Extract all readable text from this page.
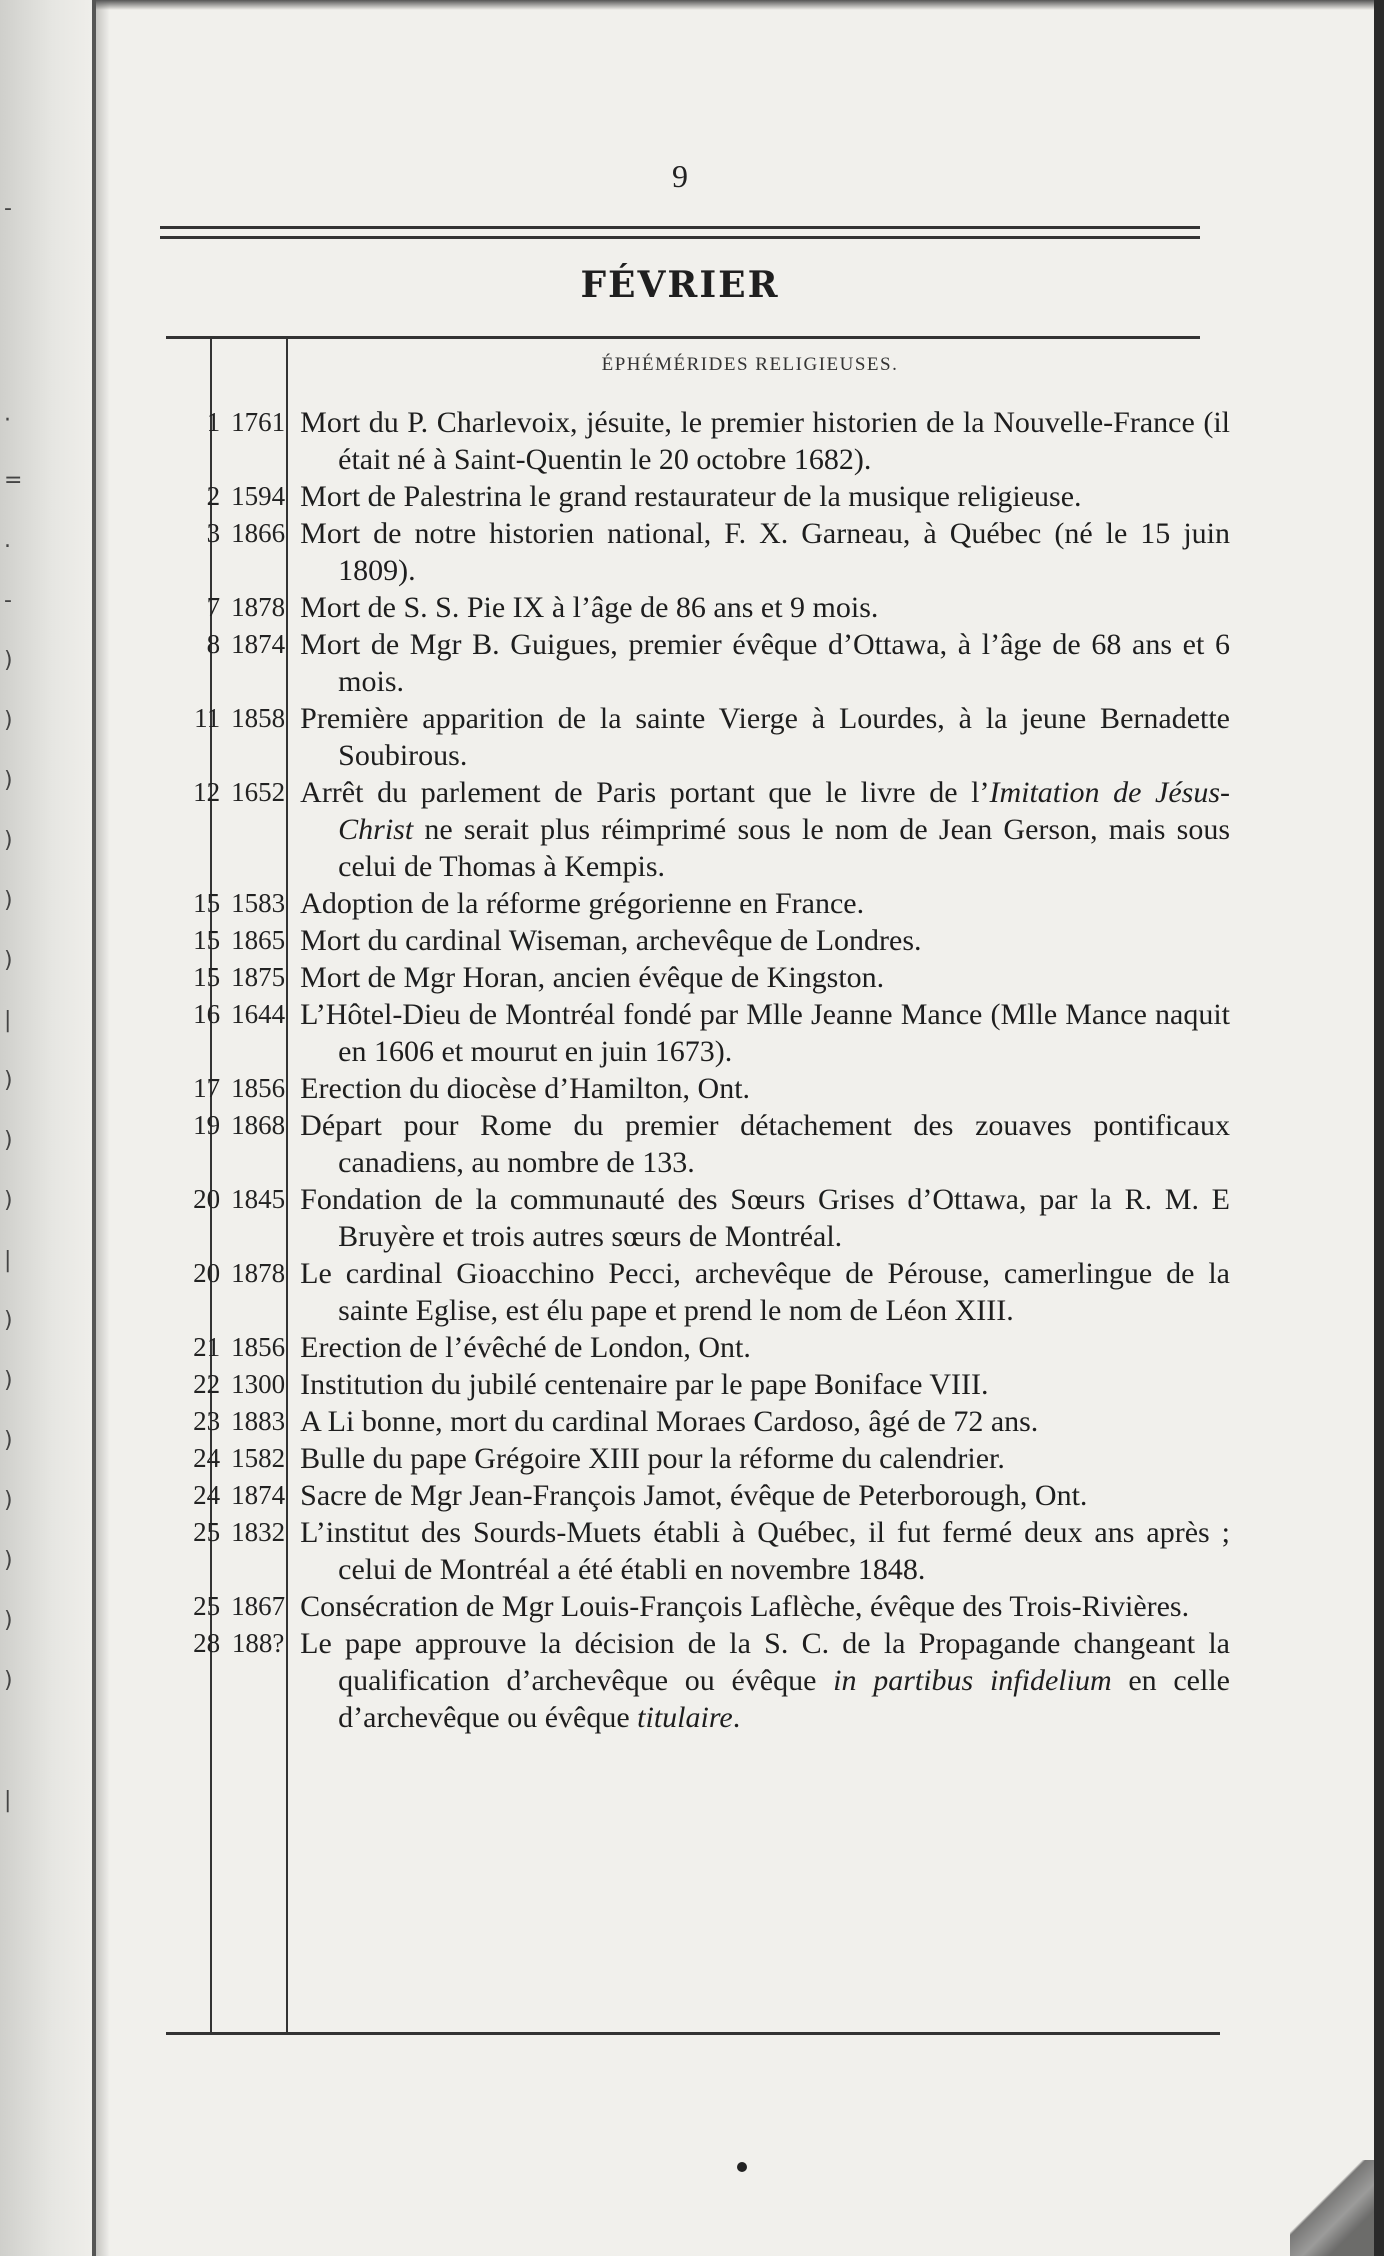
-
·
=
.
-
)
)
)
)
)
)
|
)
)
)
|
)
)
)
)
)
)
)
|
9
FÉVRIER
ÉPHÉMÉRIDES RELIGIEUSES.
1 1761 Mort du P. Charlevoix, jésuite, le premier historien de la Nouvelle-France (il était né à Saint-Quentin le 20 octobre 1682).
2 1594 Mort de Palestrina le grand restaurateur de la musique religieuse.
3 1866 Mort de notre historien national, F. X. Garneau, à Québec (né le 15 juin 1809).
7 1878 Mort de S. S. Pie IX à l’âge de 86 ans et 9 mois.
8 1874 Mort de Mgr B. Guigues, premier évêque d’Ottawa, à l’âge de 68 ans et 6 mois.
11 1858 Première apparition de la sainte Vierge à Lourdes, à la jeune Bernadette Soubirous.
12 1652 Arrêt du parlement de Paris portant que le livre de l’Imitation de Jésus-Christ ne serait plus réimprimé sous le nom de Jean Gerson, mais sous celui de Thomas à Kempis.
15 1583 Adoption de la réforme grégorienne en France.
15 1865 Mort du cardinal Wiseman, archevêque de Londres.
15 1875 Mort de Mgr Horan, ancien évêque de Kingston.
16 1644 L’Hôtel-Dieu de Montréal fondé par Mlle Jeanne Mance (Mlle Mance naquit en 1606 et mourut en juin 1673).
17 1856 Erection du diocèse d’Hamilton, Ont.
19 1868 Départ pour Rome du premier détachement des zouaves pontificaux canadiens, au nombre de 133.
20 1845 Fondation de la communauté des Sœurs Grises d’Ottawa, par la R. M. E Bruyère et trois autres sœurs de Montréal.
20 1878 Le cardinal Gioacchino Pecci, archevêque de Pérouse, camerlingue de la sainte Eglise, est élu pape et prend le nom de Léon XIII.
21 1856 Erection de l’évêché de London, Ont.
22 1300 Institution du jubilé centenaire par le pape Boniface VIII.
23 1883 A Li bonne, mort du cardinal Moraes Cardoso, âgé de 72 ans.
24 1582 Bulle du pape Grégoire XIII pour la réforme du calendrier.
24 1874 Sacre de Mgr Jean-François Jamot, évêque de Peterborough, Ont.
25 1832 L’institut des Sourds-Muets établi à Québec, il fut fermé deux ans après ; celui de Montréal a été établi en novembre 1848.
25 1867 Consécration de Mgr Louis-François Laflèche, évêque des Trois-Rivières.
28 188? Le pape approuve la décision de la S. C. de la Propagande changeant la qualification d’archevêque ou évêque in partibus infidelium en celle d’archevêque ou évêque titulaire.
